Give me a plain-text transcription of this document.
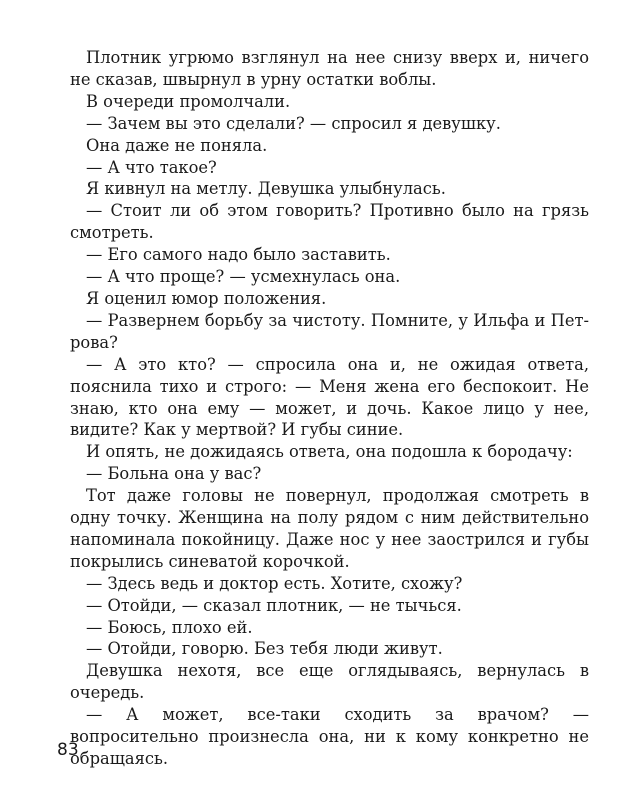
Плотник угрюмо взглянул на нее снизу вверх и, ничего не сказав, швырнул в урну остатки воблы.

В очереди промолчали.

— Зачем вы это сделали? — спросил я девушку.

Она даже не поняла.

— А что такое?

Я кивнул на метлу. Девушка улыбнулась.

— Стоит ли об этом говорить? Противно было на грязь смотреть.

— Его самого надо было заставить.

— А что проще? — усмехнулась она.

Я оценил юмор положения.

— Развернем борьбу за чистоту. Помните, у Ильфа и Петрова?

— А это кто? — спросила она и, не ожидая ответа, пояснила тихо и строго: — Меня жена его беспокоит. Не знаю, кто она ему — может, и дочь. Какое лицо у нее, видите? Как у мертвой? И губы синие.

И опять, не дожидаясь ответа, она подошла к бородачу:

— Больна она у вас?

Тот даже головы не повернул, продолжая смотреть в одну точку. Женщина на полу рядом с ним действительно напоминала покойницу. Даже нос у нее заострился и губы покрылись синеватой корочкой.

— Здесь ведь и доктор есть. Хотите, схожу?

— Отойди, — сказал плотник, — не тычься.

— Боюсь, плохо ей.

— Отойди, говорю. Без тебя люди живут.

Девушка нехотя, все еще оглядываясь, вернулась в очередь.

— А может, все-таки сходить за врачом? — вопросительно произнесла она, ни к кому конкретно не обращаясь.

83
